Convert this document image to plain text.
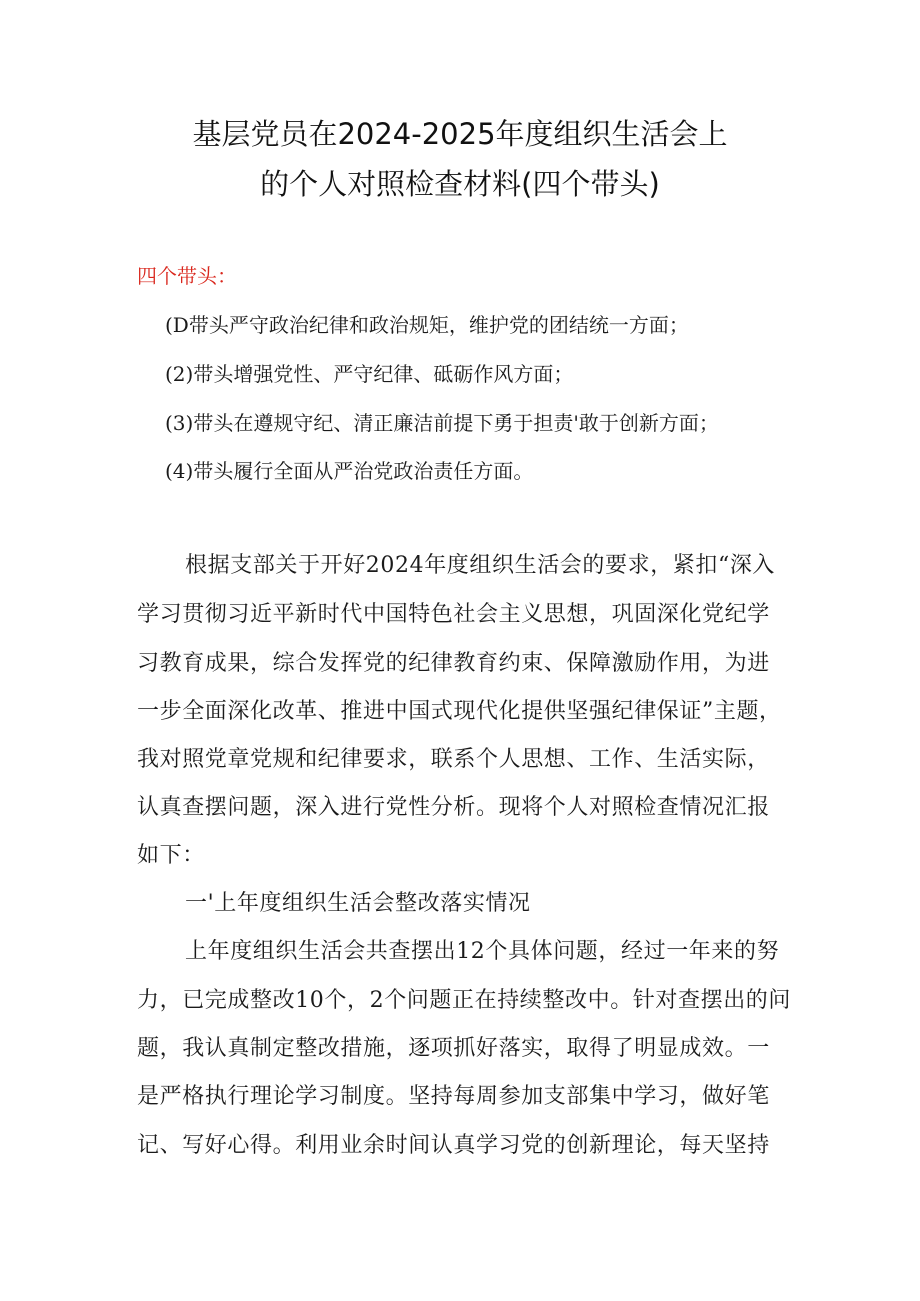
基层党员在2024-2025年度组织生活会上
的个人对照检查材料(四个带头)
四个带头：
(D带头严守政治纪律和政治规矩，维护党的团结统一方面；
(2)带头增强党性、严守纪律、砥砺作风方面；
(3)带头在遵规守纪、清正廉洁前提下勇于担责'敢于创新方面；
(4)带头履行全面从严治党政治责任方面。
根据支部关于开好2024年度组织生活会的要求，紧扣“深入
学习贯彻习近平新时代中国特色社会主义思想，巩固深化党纪学
习教育成果，综合发挥党的纪律教育约束、保障激励作用，为进
一步全面深化改革、推进中国式现代化提供坚强纪律保证”主题，
我对照党章党规和纪律要求，联系个人思想、工作、生活实际，
认真查摆问题，深入进行党性分析。现将个人对照检查情况汇报
如下：
一'上年度组织生活会整改落实情况
上年度组织生活会共查摆出12个具体问题，经过一年来的努
力，已完成整改10个，2个问题正在持续整改中。针对查摆出的问
题，我认真制定整改措施，逐项抓好落实，取得了明显成效。一
是严格执行理论学习制度。坚持每周参加支部集中学习，做好笔
记、写好心得。利用业余时间认真学习党的创新理论，每天坚持
